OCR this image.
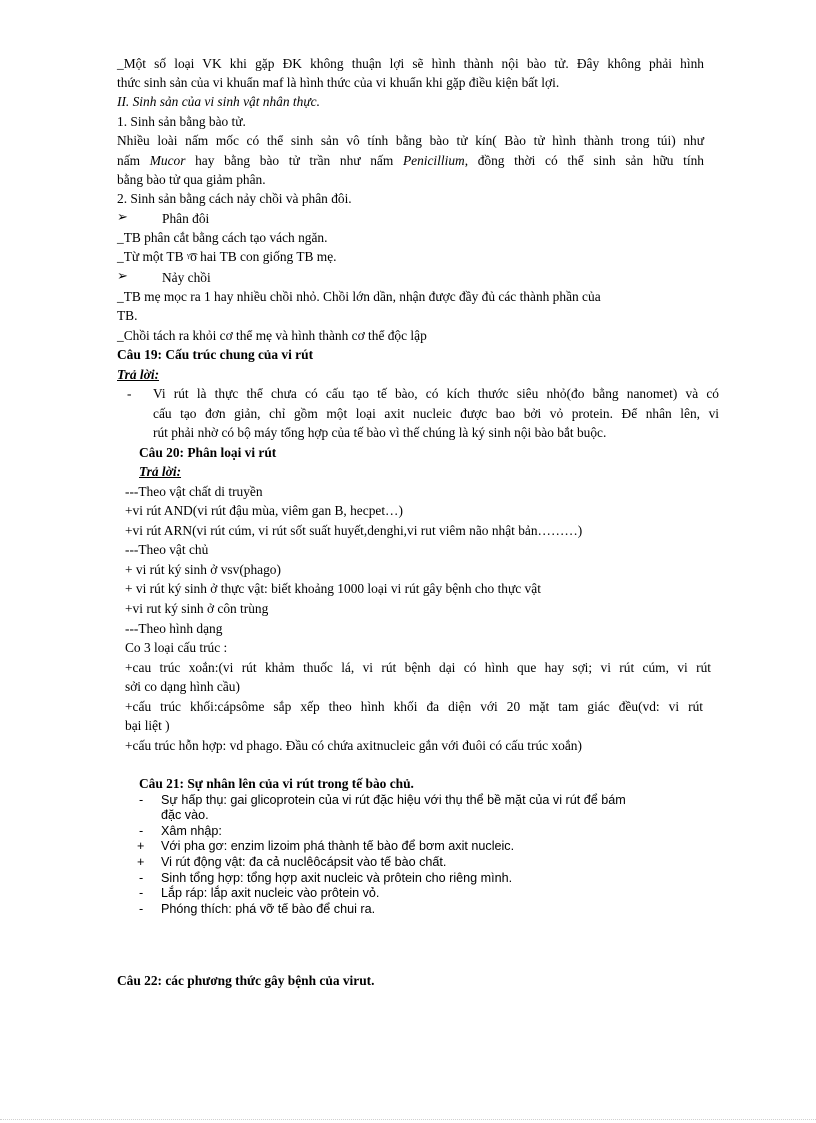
_Một số loại VK khi gặp ĐK không thuận lợi sẽ hình thành nội bào tử. Đây không phải hình
thức sinh sản của vi khuẩn maf là hình thức của vi khuẩn khi gặp điều kiện bất lợi.
II. Sinh sản của vi sinh vật nhân thực.
1. Sinh sản bằng bào tử.
Nhiều loài nấm mốc có thể sinh sản vô tính bằng bào tử kín( Bào tử hình thành trong túi) như
nấm Mucor hay bằng bào tử trần như nấm Penicillium, đồng thời có thể sinh sản hữu tính
bằng bào tử qua giảm phân.
2. Sinh sản bằng cách nảy chồi và phân đôi.
➢	Phân đôi
_TB phân cắt bằng cách tạo vách ngăn.
_Từ một TB ᵞ͡o hai TB con giống TB mẹ.
➢	Nảy chồi
_TB mẹ mọc ra 1 hay nhiều chồi nhỏ. Chồi lớn dần, nhận được đầy đủ các thành phần của
TB.
_Chồi tách ra khỏi cơ thể mẹ và hình thành cơ thể độc lập
Câu 19: Cấu trúc chung của vi rút
Trả lời:
- Vi rút là thực thể chưa có cấu tạo tế bào, có kích thước siêu nhỏ(đo bằng nanomet) và có
cấu tạo đơn giản, chỉ gồm một loại axit nucleic được bao bởi vỏ protein. Để nhân lên, vi
rút phải nhờ có bộ máy tổng hợp của tế bào vì thế chúng là ký sinh nội bào bắt buộc.
Câu 20: Phân loại vi rút
Trả lời:
---Theo vật chất di truyền
+vi rút AND(vi rút đậu mùa, viêm gan B, hecpet…)
+vi rút ARN(vi rút cúm, vi rút sốt suất huyết,denghi,vi rut viêm não nhật bản………)
---Theo vật chủ
+ vi rút ký sinh ở vsv(phago)
+ vi rút ký sinh ở thực vật: biết khoảng 1000 loại vi rút gây bệnh cho thực vật
+vi rut ký sinh ở côn trùng
---Theo hình dạng
Co 3 loại cấu trúc :
+cau trúc xoắn:(vi rút khảm thuốc lá, vi rút bệnh dại có hình que hay sợi; vi rút cúm, vi rút
sởi co dạng hình cầu)
+cấu trúc khối:cápsôme sắp xếp theo hình khối đa diện với 20 mặt tam giác đều(vd: vi rút
bại liệt )
+cấu trúc hỗn hợp: vd phago. Đầu có chứa axitnucleic gắn với đuôi có cấu trúc xoắn)
Câu 21: Sự nhân lên của vi rút trong tế bào chủ.
- Sự hấp thụ: gai glicoprotein của vi rút đặc hiệu với thụ thể bề mặt của vi rút để bám
đặc vào.
- Xâm nhập:
+ Với pha gơ: enzim lizoim phá thành tế bào để bơm axit nucleic.
+ Vi rút động vật: đa cả nuclêôcápsit vào tế bào chất.
- Sinh tổng hợp: tổng hợp axit nucleic và prôtein cho riêng mình.
- Lắp ráp: lắp axit nucleic vào prôtein vỏ.
- Phóng thích: phá vỡ tế bào để chui ra.
Câu 22: các phương thức gây bệnh của virut.
